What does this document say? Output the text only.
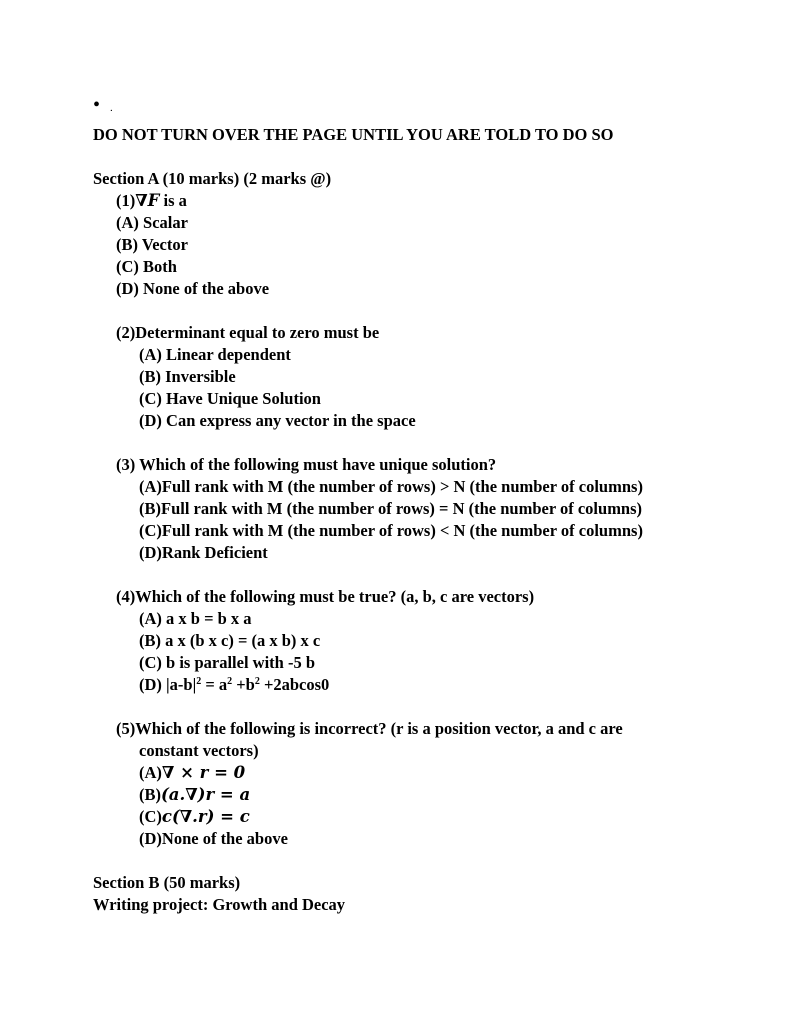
• .
DO NOT TURN OVER THE PAGE UNTIL YOU ARE TOLD TO DO SO
Section A (10 marks) (2 marks @)
(1)∇F is a
(A) Scalar
(B) Vector
(C) Both
(D) None of the above
(2)Determinant equal to zero must be
(A) Linear dependent
(B) Inversible
(C) Have Unique Solution
(D) Can express any vector in the space
(3) Which of the following must have unique solution?
(A)Full rank with M (the number of rows) > N (the number of columns)
(B)Full rank with M (the number of rows) = N (the number of columns)
(C)Full rank with M (the number of rows) < N (the number of columns)
(D)Rank Deficient
(4)Which of the following must be true? (a, b, c are vectors)
(A) a x b = b x a
(B) a x (b x c) = (a x b) x c
(C) b is parallel with -5 b
(D) $|a-b|^2 = a^2 +b^2 +2abcos0$
(5)Which of the following is incorrect? (r is a position vector, a and c are
constant vectors)
(A)∇ × r = 0
(B)(a.∇)r = a
(C)c(∇.r) = c
(D)None of the above
Section B (50 marks)
Writing project: Growth and Decay
